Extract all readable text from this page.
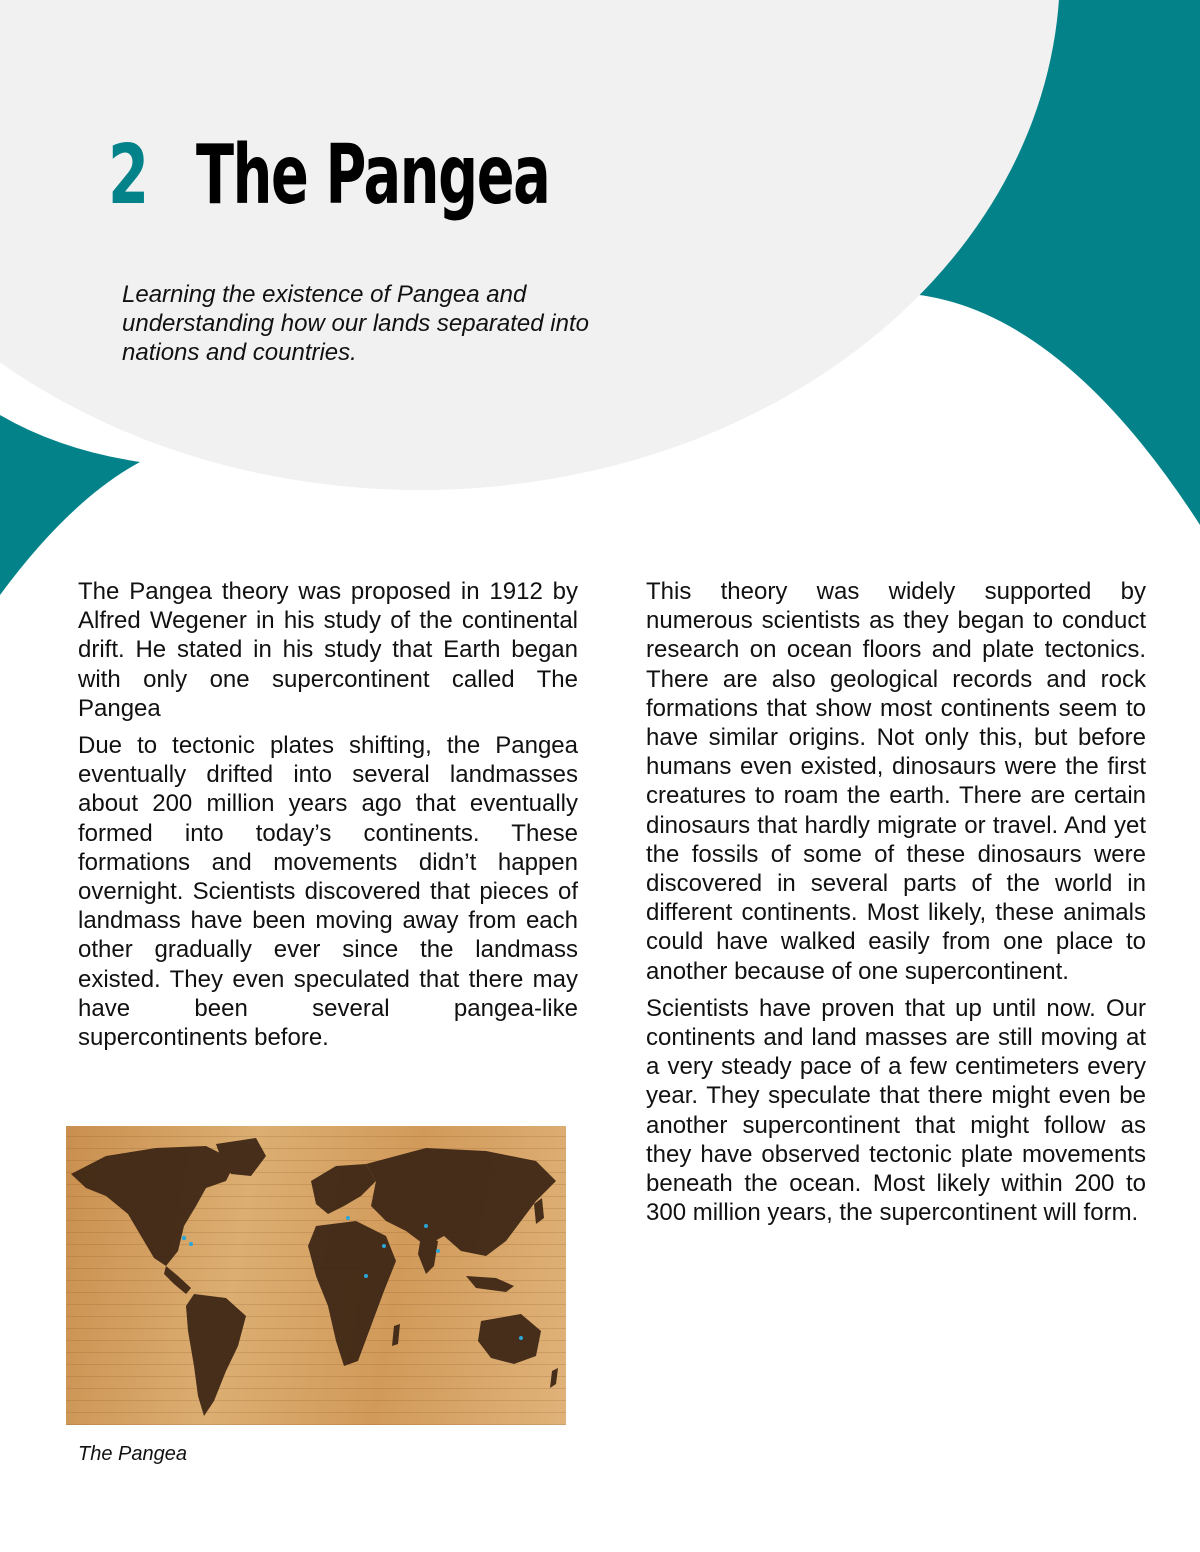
2 The Pangea
Learning the existence of Pangea and understanding how our lands separated into nations and countries.

The Pangea theory was proposed in 1912 by Alfred Wegener in his study of the continental drift. He stated in his study that Earth began with only one supercontinent called The Pangea

Due to tectonic plates shifting, the Pangea eventually drifted into several landmasses about 200 million years ago that eventually formed into today’s continents. These formations and movements didn’t happen overnight. Scientists discovered that pieces of landmass have been moving away from each other gradually ever since the landmass existed. They even speculated that there may have been several pangea-like supercontinents before.

This theory was widely supported by numerous scientists as they began to conduct research on ocean floors and plate tectonics. There are also geological records and rock formations that show most continents seem to have similar origins. Not only this, but before humans even existed, dinosaurs were the first creatures to roam the earth. There are certain dinosaurs that hardly migrate or travel. And yet the fossils of some of these dinosaurs were discovered in several parts of the world in different continents. Most likely, these animals could have walked easily from one place to another because of one supercontinent.

Scientists have proven that up until now. Our continents and land masses are still moving at a very steady pace of a few centimeters every year. They speculate that there might even be another supercontinent that might follow as they have observed tectonic plate movements beneath the ocean. Most likely within 200 to 300 million years, the supercontinent will form.

The Pangea
